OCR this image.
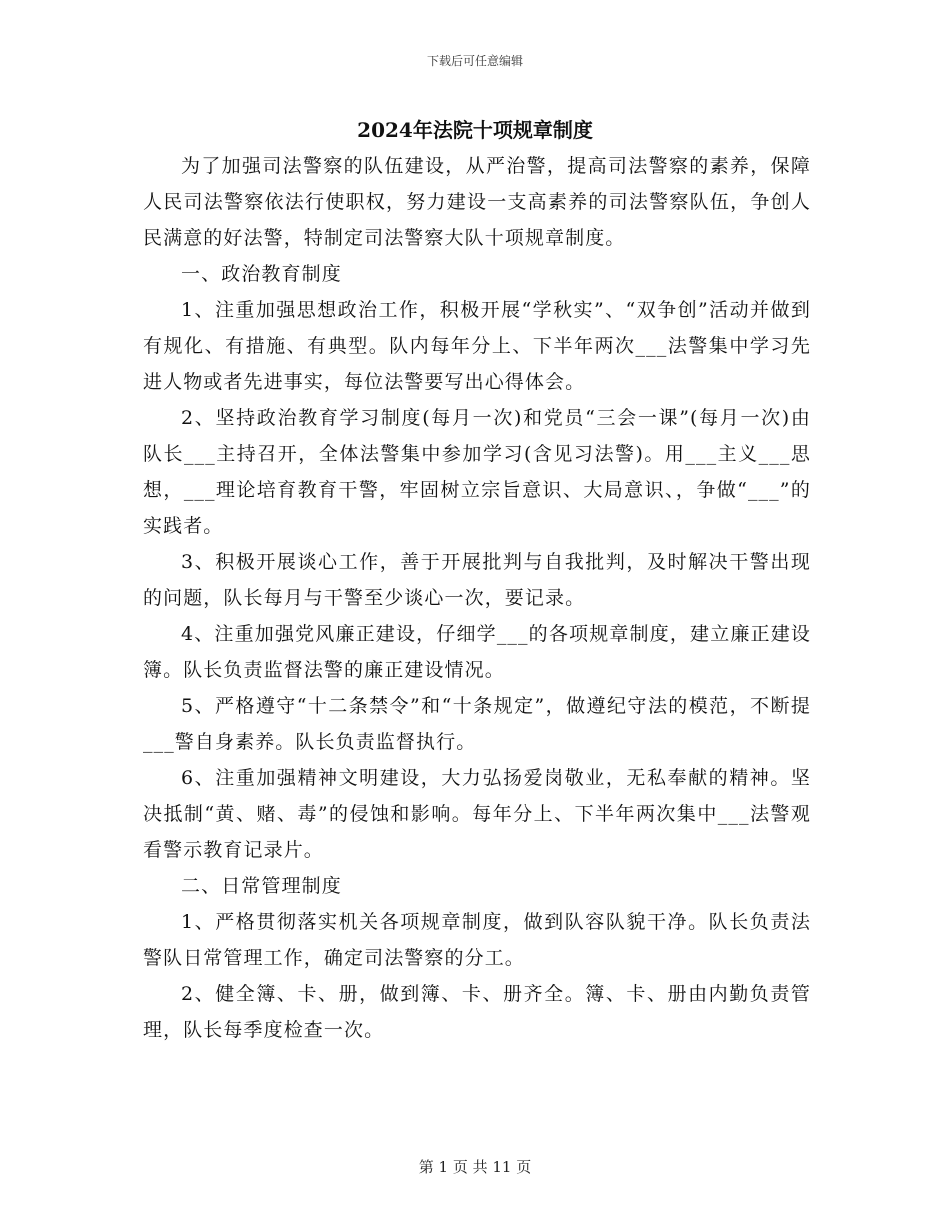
下载后可任意编辑
2024年法院十项规章制度

为了加强司法警察的队伍建设，从严治警，提高司法警察的素养，保障人民司法警察依法行使职权，努力建设一支高素养的司法警察队伍，争创人民满意的好法警，特制定司法警察大队十项规章制度。

一、政治教育制度

1、注重加强思想政治工作，积极开展“学秋实”、“双争创”活动并做到有规化、有措施、有典型。队内每年分上、下半年两次___法警集中学习先进人物或者先进事实，每位法警要写出心得体会。

2、坚持政治教育学习制度(每月一次)和党员“三会一课”(每月一次)由队长___主持召开，全体法警集中参加学习(含见习法警)。用___主义___思想，___理论培育教育干警，牢固树立宗旨意识、大局意识、，争做“___”的实践者。

3、积极开展谈心工作，善于开展批判与自我批判，及时解决干警出现的问题，队长每月与干警至少谈心一次，要记录。

4、注重加强党风廉正建设，仔细学___的各项规章制度，建立廉正建设簿。队长负责监督法警的廉正建设情况。

5、严格遵守“十二条禁令”和“十条规定”，做遵纪守法的模范，不断提___警自身素养。队长负责监督执行。

6、注重加强精神文明建设，大力弘扬爱岗敬业，无私奉献的精神。坚决抵制“黄、赌、毒”的侵蚀和影响。每年分上、下半年两次集中___法警观看警示教育记录片。

二、日常管理制度

1、严格贯彻落实机关各项规章制度，做到队容队貌干净。队长负责法警队日常管理工作，确定司法警察的分工。

2、健全簿、卡、册，做到簿、卡、册齐全。簿、卡、册由内勤负责管理，队长每季度检查一次。

第 1 页 共 11 页
